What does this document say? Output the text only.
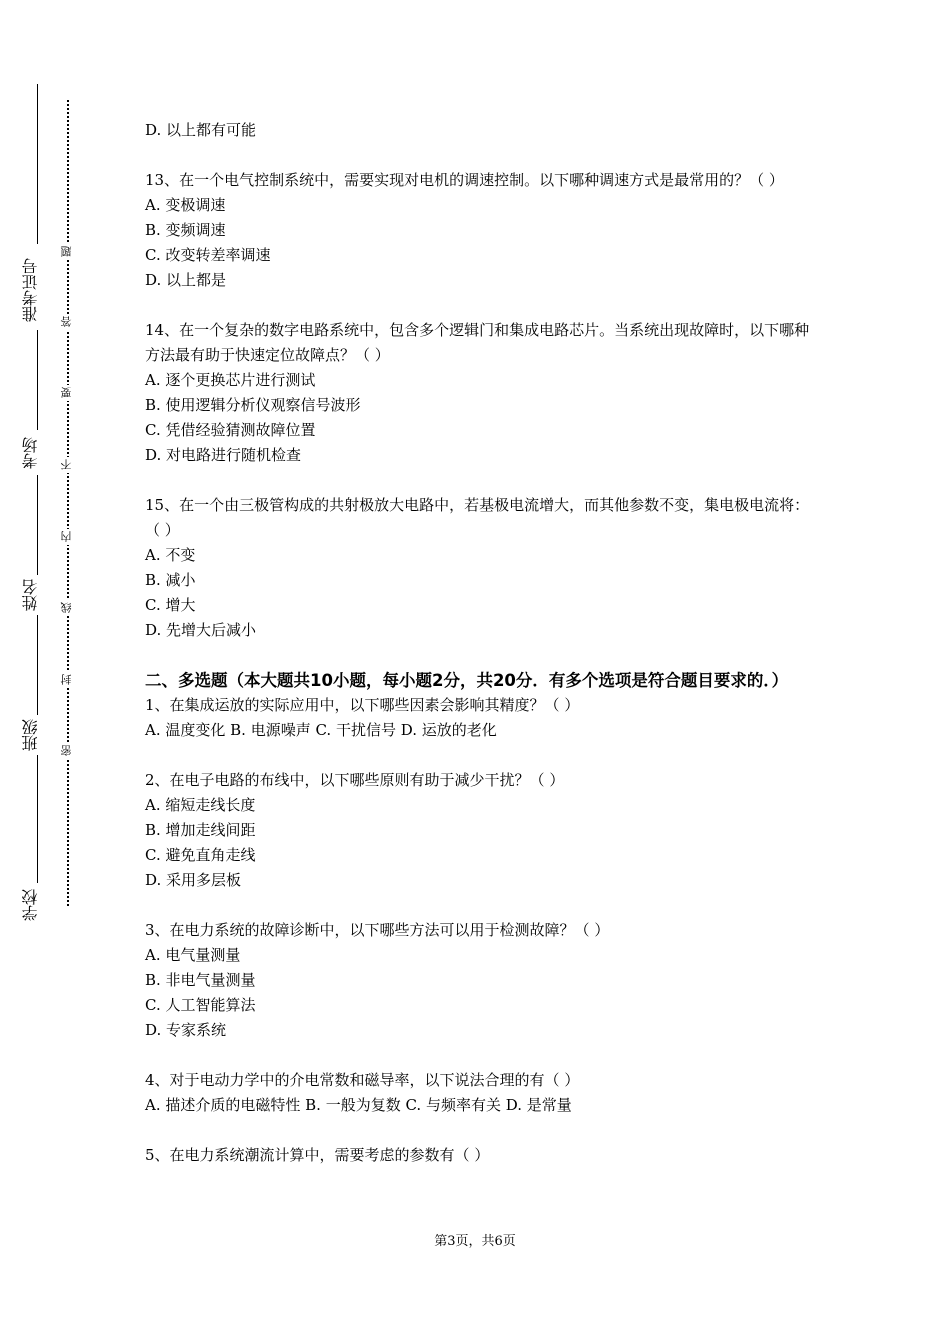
准考证号
考场
姓名
班级
学校
题
答
要
不
内
线
封
密
D. 以上都有可能
13、在一个电气控制系统中，需要实现对电机的调速控制。以下哪种调速方式是最常用的？（ ）
A. 变极调速
B. 变频调速
C. 改变转差率调速
D. 以上都是
14、在一个复杂的数字电路系统中，包含多个逻辑门和集成电路芯片。当系统出现故障时，以下哪种方法最有助于快速定位故障点？（ ）
A. 逐个更换芯片进行测试
B. 使用逻辑分析仪观察信号波形
C. 凭借经验猜测故障位置
D. 对电路进行随机检查
15、在一个由三极管构成的共射极放大电路中，若基极电流增大，而其他参数不变，集电极电流将：（ ）
A. 不变
B. 减小
C. 增大
D. 先增大后减小
二、多选题（本大题共10小题，每小题2分，共20分．有多个选项是符合题目要求的．）
1、在集成运放的实际应用中，以下哪些因素会影响其精度？（ ）
A. 温度变化 B. 电源噪声 C. 干扰信号 D. 运放的老化
2、在电子电路的布线中，以下哪些原则有助于减少干扰？（ ）
A. 缩短走线长度
B. 增加走线间距
C. 避免直角走线
D. 采用多层板
3、在电力系统的故障诊断中，以下哪些方法可以用于检测故障？（ ）
A. 电气量测量
B. 非电气量测量
C. 人工智能算法
D. 专家系统
4、对于电动力学中的介电常数和磁导率，以下说法合理的有（ ）
A. 描述介质的电磁特性 B. 一般为复数 C. 与频率有关 D. 是常量
5、在电力系统潮流计算中，需要考虑的参数有（ ）
第3页，共6页
